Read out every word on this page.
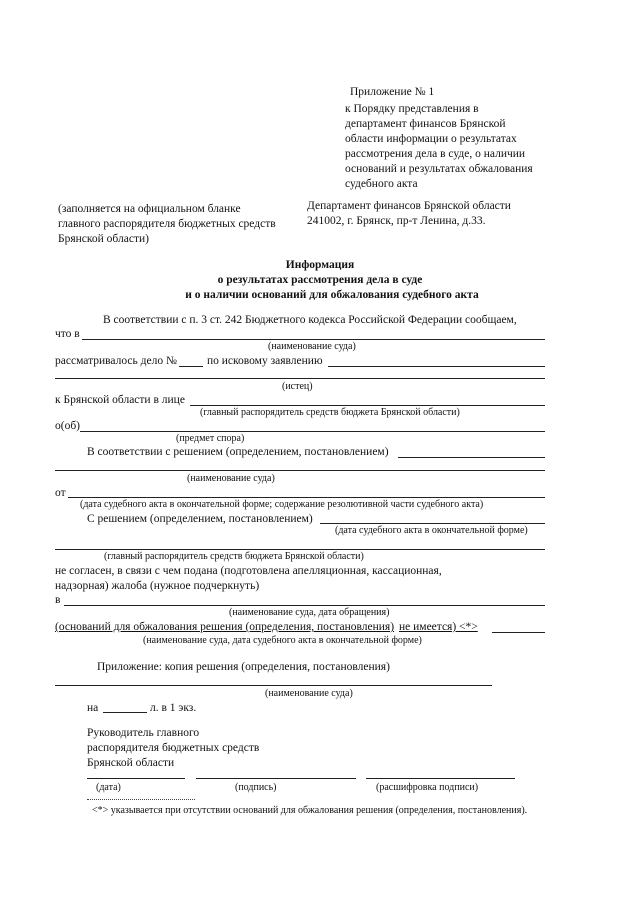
Приложение № 1
к Порядку представления в
департамент финансов Брянской
области информации о результатах
рассмотрения дела в суде, о наличии
оснований и результатах обжалования
судебного акта
(заполняется на официальном бланке
главного распорядителя бюджетных средств
Брянской области)
Департамент финансов Брянской области
241002, г. Брянск, пр-т Ленина, д.33.
Информация
о результатах рассмотрения дела в суде
и о наличии оснований для обжалования судебного акта
В соответствии с п. 3 ст. 242 Бюджетного кодекса Российской Федерации сообщаем,
что в
(наименование суда)
рассматривалось дело №	по исковому заявлению
(истец)
к Брянской области в лице
(главный распорядитель средств бюджета Брянской области)
о(об)
(предмет спора)
В соответствии с решением (определением, постановлением)
(наименование суда)
от
(дата судебного акта в окончательной форме; содержание резолютивной части судебного акта)
С решением (определением, постановлением)
(дата судебного акта в окончательной форме)
(главный распорядитель средств бюджета Брянской области)
не согласен, в связи с чем подана (подготовлена апелляционная, кассационная,
надзорная) жалоба (нужное подчеркнуть)
в
(наименование суда, дата обращения)
(оснований для обжалования решения (определения, постановления) не имеется) <*>
(наименование суда, дата судебного акта в окончательной форме)
Приложение: копия решения (определения, постановления)
(наименование суда)
на	л. в 1 экз.
Руководитель главного
распорядителя бюджетных средств
Брянской области
(дата)	(подпись)	(расшифровка подписи)
<*> указывается при отсутствии оснований для обжалования решения (определения, постановления).
